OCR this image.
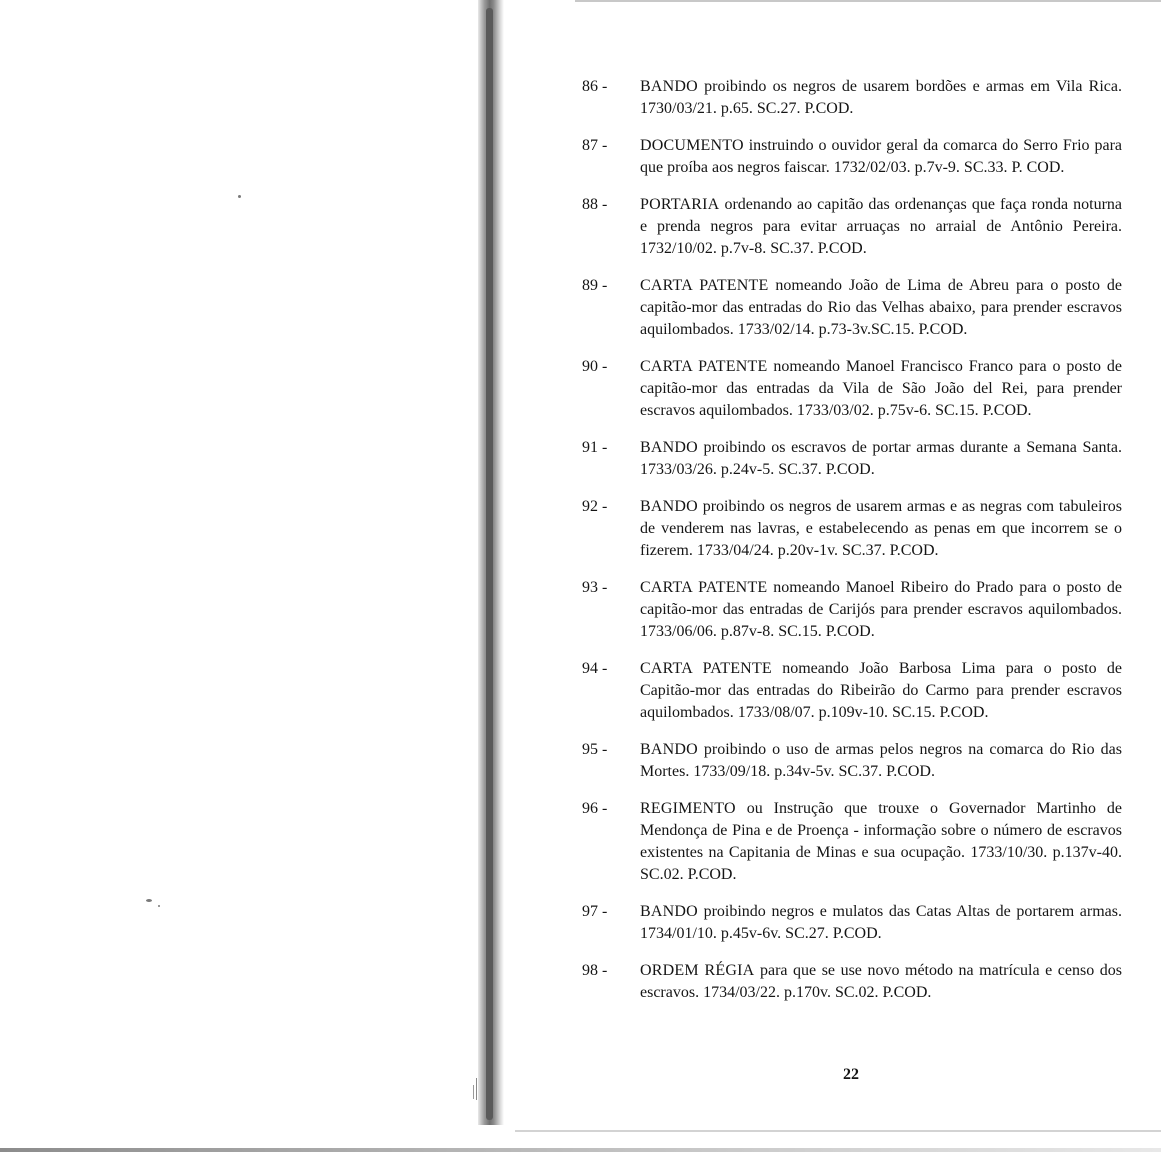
86 - BANDO proibindo os negros de usarem bordões e armas em Vila Rica. 1730/03/21. p.65. SC.27. P.COD.
87 - DOCUMENTO instruindo o ouvidor geral da comarca do Serro Frio para que proíba aos negros faiscar. 1732/02/03. p.7v-9. SC.33. P. COD.
88 - PORTARIA ordenando ao capitão das ordenanças que faça ronda noturna e prenda negros para evitar arruaças no arraial de Antônio Pereira. 1732/10/02. p.7v-8. SC.37. P.COD.
89 - CARTA PATENTE nomeando João de Lima de Abreu para o posto de capitão-mor das entradas do Rio das Velhas abaixo, para prender escravos aquilombados. 1733/02/14. p.73-3v.SC.15. P.COD.
90 - CARTA PATENTE nomeando Manoel Francisco Franco para o posto de capitão-mor das entradas da Vila de São João del Rei, para prender escravos aquilombados. 1733/03/02. p.75v-6. SC.15. P.COD.
91 - BANDO proibindo os escravos de portar armas durante a Semana Santa. 1733/03/26. p.24v-5. SC.37. P.COD.
92 - BANDO proibindo os negros de usarem armas e as negras com tabuleiros de venderem nas lavras, e estabelecendo as penas em que incorrem se o fizerem. 1733/04/24. p.20v-1v. SC.37. P.COD.
93 - CARTA PATENTE nomeando Manoel Ribeiro do Prado para o posto de capitão-mor das entradas de Carijós para prender escravos aquilombados. 1733/06/06. p.87v-8. SC.15. P.COD.
94 - CARTA PATENTE nomeando João Barbosa Lima para o posto de Capitão-mor das entradas do Ribeirão do Carmo para prender escravos aquilombados. 1733/08/07. p.109v-10. SC.15. P.COD.
95 - BANDO proibindo o uso de armas pelos negros na comarca do Rio das Mortes. 1733/09/18. p.34v-5v. SC.37. P.COD.
96 - REGIMENTO ou Instrução que trouxe o Governador Martinho de Mendonça de Pina e de Proença - informação sobre o número de escravos existentes na Capitania de Minas e sua ocupação. 1733/10/30. p.137v-40. SC.02. P.COD.
97 - BANDO proibindo negros e mulatos das Catas Altas de portarem armas. 1734/01/10. p.45v-6v. SC.27. P.COD.
98 - ORDEM RÉGIA para que se use novo método na matrícula e censo dos escravos. 1734/03/22. p.170v. SC.02. P.COD.
22
